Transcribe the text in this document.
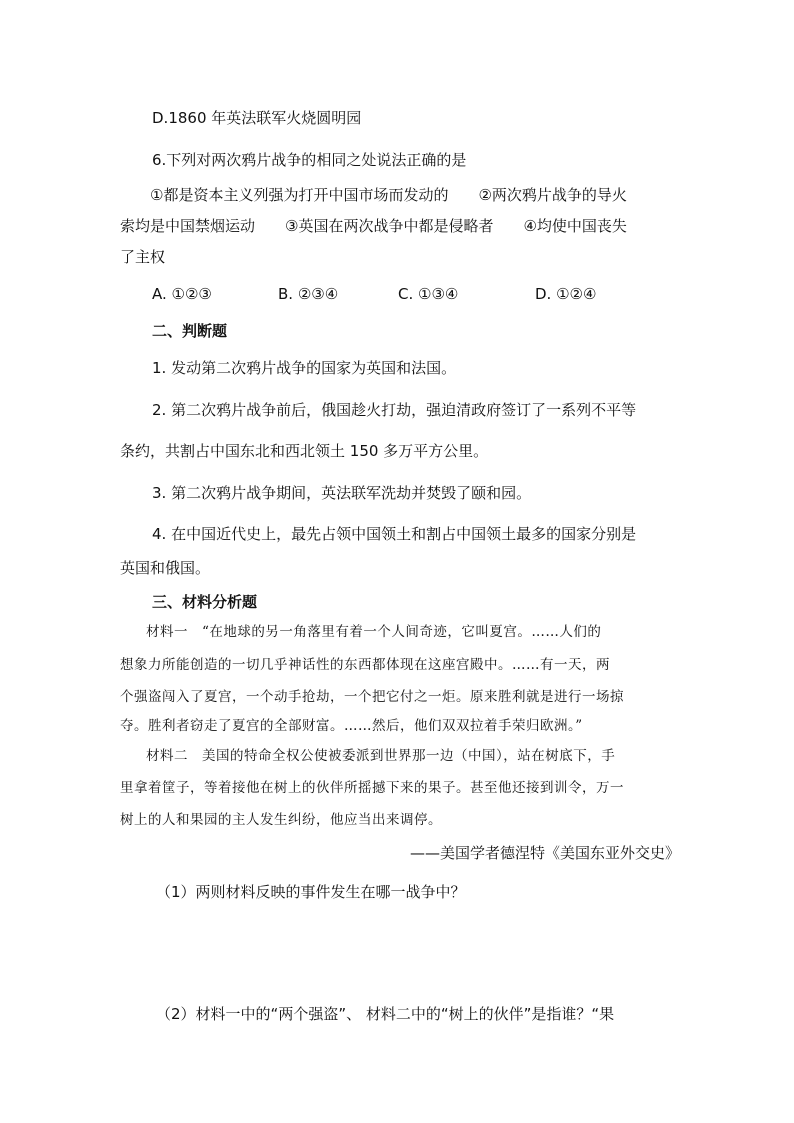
D.1860 年英法联军火烧圆明园
6.下列对两次鸦片战争的相同之处说法正确的是
①都是资本主义列强为打开中国市场而发动的　　②两次鸦片战争的导火
索均是中国禁烟运动　　③英国在两次战争中都是侵略者　　④均使中国丧失
了主权
A. ①②③	B. ②③④	C. ①③④	D. ①②④
二、判断题
1. 发动第二次鸦片战争的国家为英国和法国。
2. 第二次鸦片战争前后，俄国趁火打劫，强迫清政府签订了一系列不平等
条约，共割占中国东北和西北领土 150 多万平方公里。
3. 第二次鸦片战争期间，英法联军洗劫并焚毁了颐和园。
4. 在中国近代史上，最先占领中国领土和割占中国领土最多的国家分别是
英国和俄国。
三、材料分析题
材料一　“在地球的另一角落里有着一个人间奇迹，它叫夏宫。……人们的
想象力所能创造的一切几乎神话性的东西都体现在这座宫殿中。……有一天，两
个强盗闯入了夏宫，一个动手抢劫，一个把它付之一炬。原来胜利就是进行一场掠
夺。胜利者窃走了夏宫的全部财富。……然后，他们双双拉着手荣归欧洲。”
材料二　美国的特命全权公使被委派到世界那一边（中国），站在树底下，手
里拿着筐子，等着接他在树上的伙伴所摇撼下来的果子。甚至他还接到训令，万一
树上的人和果园的主人发生纠纷，他应当出来调停。
——美国学者德涅特《美国东亚外交史》
（1）两则材料反映的事件发生在哪一战争中？
（2）材料一中的“两个强盗”、 材料二中的“树上的伙伴”是指谁？“果
